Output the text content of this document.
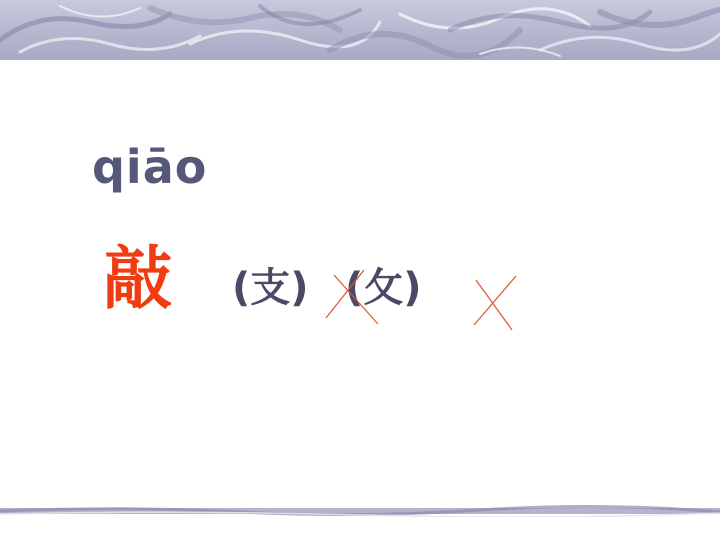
qiāo
敲 (支) (攵)
